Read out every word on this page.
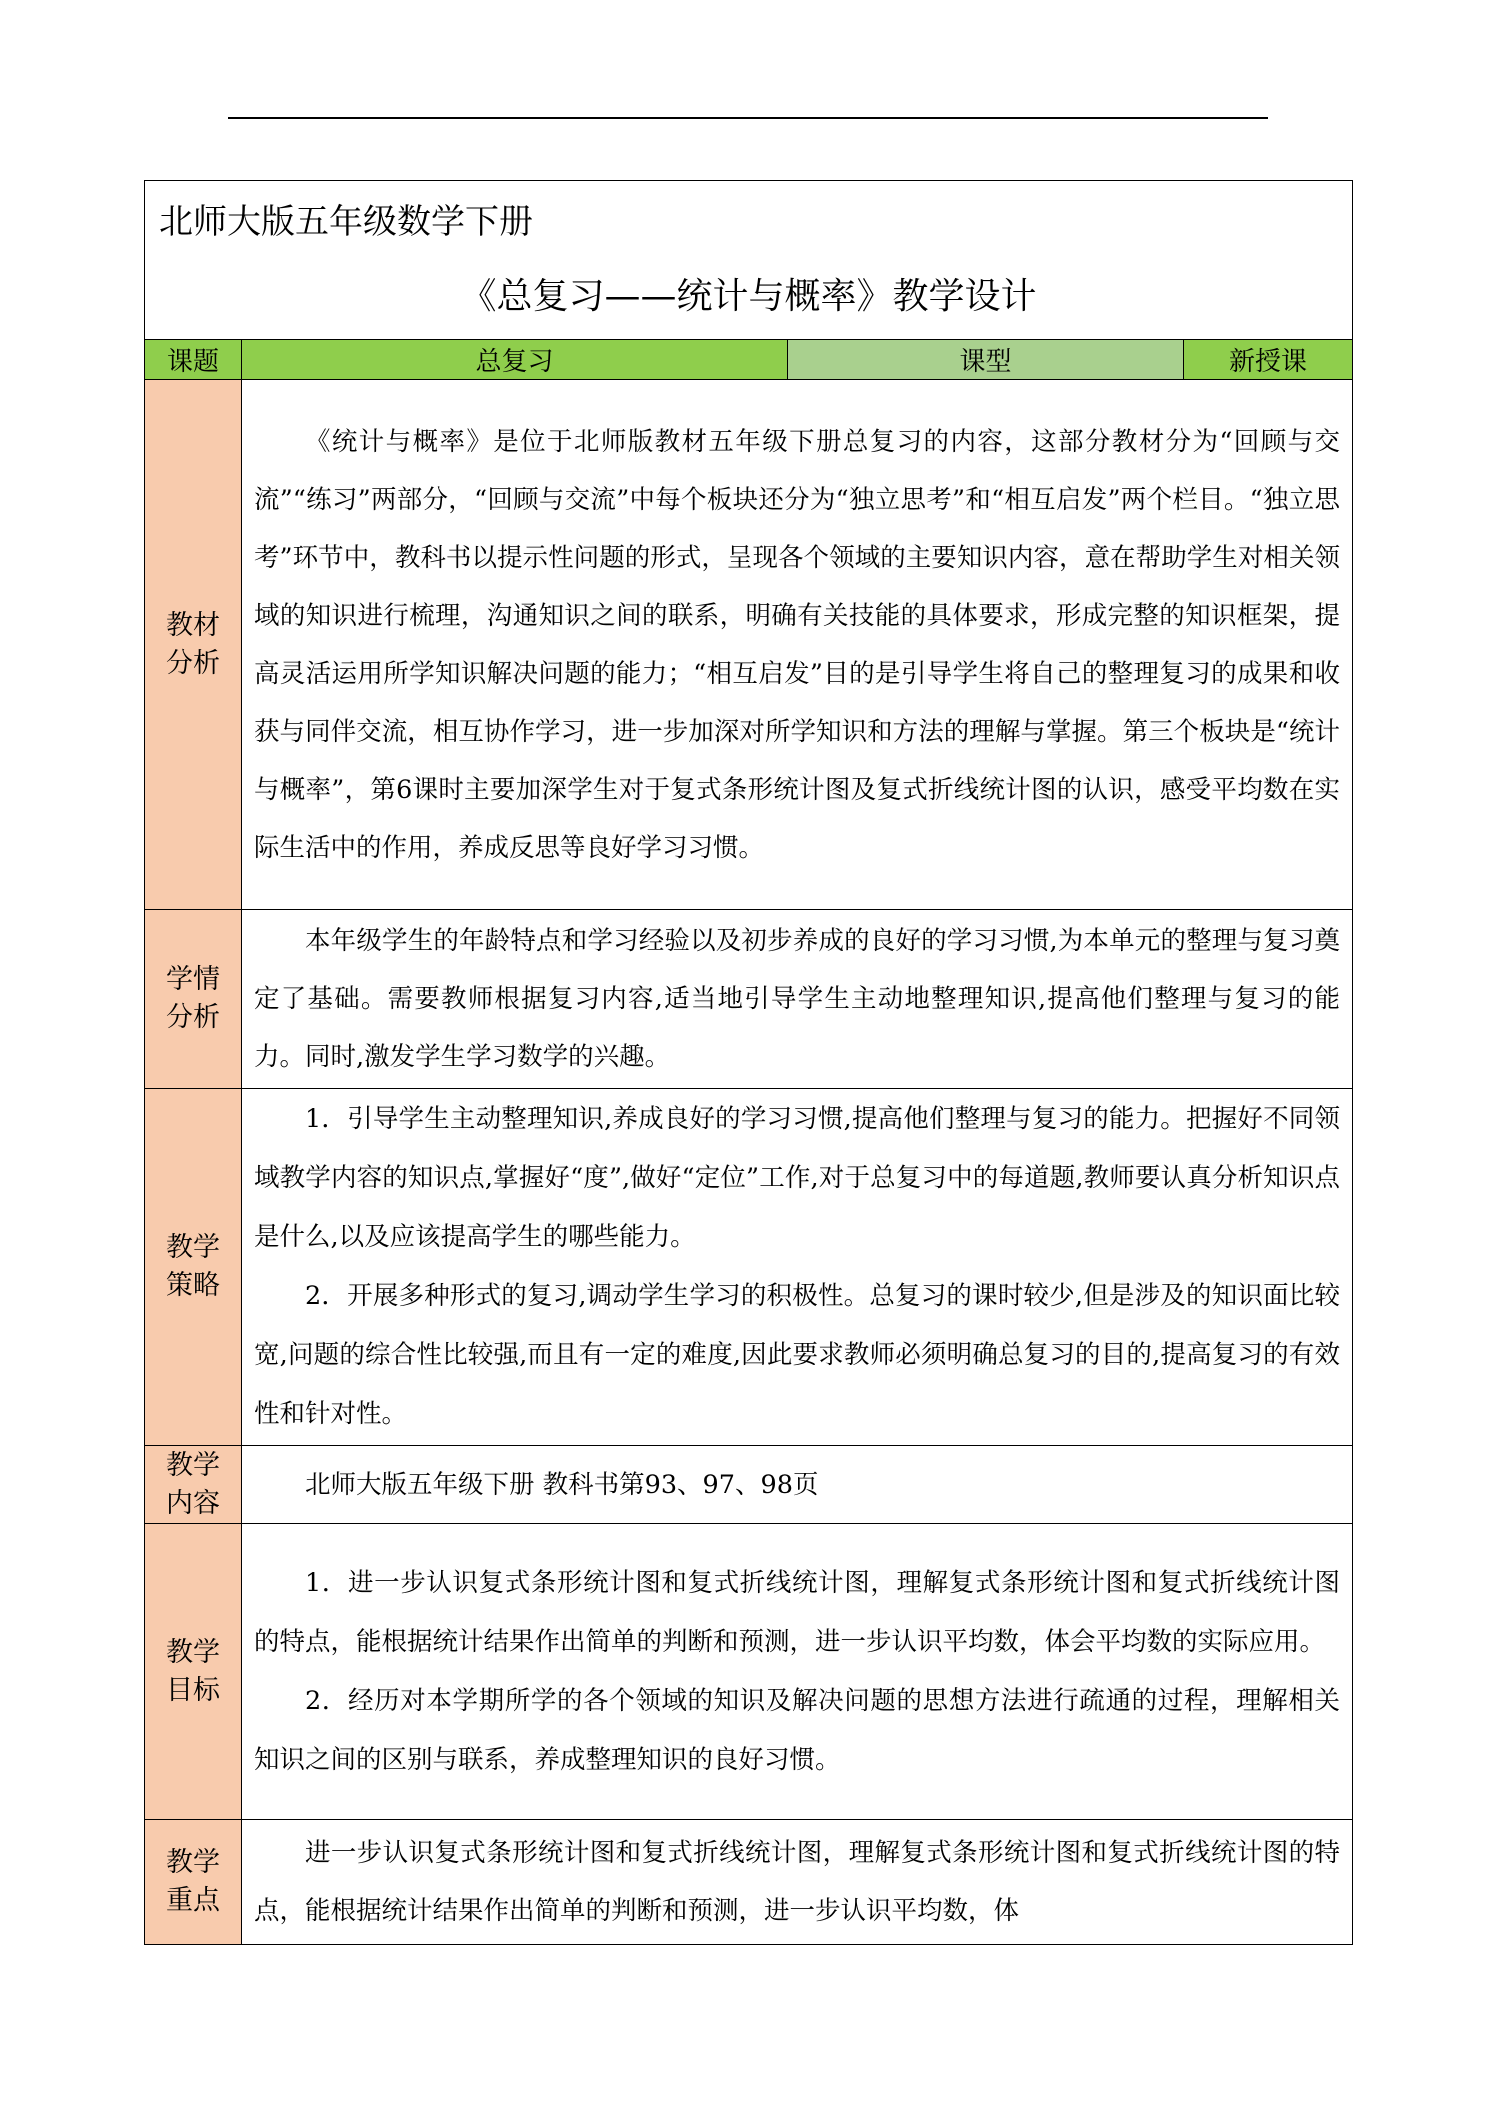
北师大版五年级数学下册
《总复习——统计与概率》教学设计			

课题	总复习	课型	新授课
教材分析	《统计与概率》是位于北师版教材五年级下册总复习的内容，这部分教材分为“回顾与交流”“练习”两部分，“回顾与交流”中每个板块还分为“独立思考”和“相互启发”两个栏目。“独立思考”环节中，教科书以提示性问题的形式，呈现各个领域的主要知识内容，意在帮助学生对相关领域的知识进行梳理，沟通知识之间的联系，明确有关技能的具体要求，形成完整的知识框架，提高灵活运用所学知识解决问题的能力；“相互启发”目的是引导学生将自己的整理复习的成果和收获与同伴交流，相互协作学习，进一步加深对所学知识和方法的理解与掌握。第三个板块是“统计与概率”，第6课时主要加深学生对于复式条形统计图及复式折线统计图的认识，感受平均数在实际生活中的作用，养成反思等良好学习习惯。		

学情分析	本年级学生的年龄特点和学习经验以及初步养成的良好的学习习惯,为本单元的整理与复习奠定了基础。需要教师根据复习内容,适当地引导学生主动地整理知识,提高他们整理与复习的能力。同时,激发学生学习数学的兴趣。		

教学策略	1．引导学生主动整理知识,养成良好的学习习惯,提高他们整理与复习的能力。把握好不同领域教学内容的知识点,掌握好“度”,做好“定位”工作,对于总复习中的每道题,教师要认真分析知识点是什么,以及应该提高学生的哪些能力。

2．开展多种形式的复习,调动学生学习的积极性。总复习的课时较少,但是涉及的知识面比较宽,问题的综合性比较强,而且有一定的难度,因此要求教师必须明确总复习的目的,提高复习的有效性和针对性。		

教学内容	北师大版五年级下册 教科书第93、97、98页		

教学目标	1．进一步认识复式条形统计图和复式折线统计图，理解复式条形统计图和复式折线统计图的特点，能根据统计结果作出简单的判断和预测，进一步认识平均数，体会平均数的实际应用。

2．经历对本学期所学的各个领域的知识及解决问题的思想方法进行疏通的过程，理解相关知识之间的区别与联系，养成整理知识的良好习惯。		

教学重点	进一步认识复式条形统计图和复式折线统计图，理解复式条形统计图和复式折线统计图的特点，能根据统计结果作出简单的判断和预测，进一步认识平均数，体		
